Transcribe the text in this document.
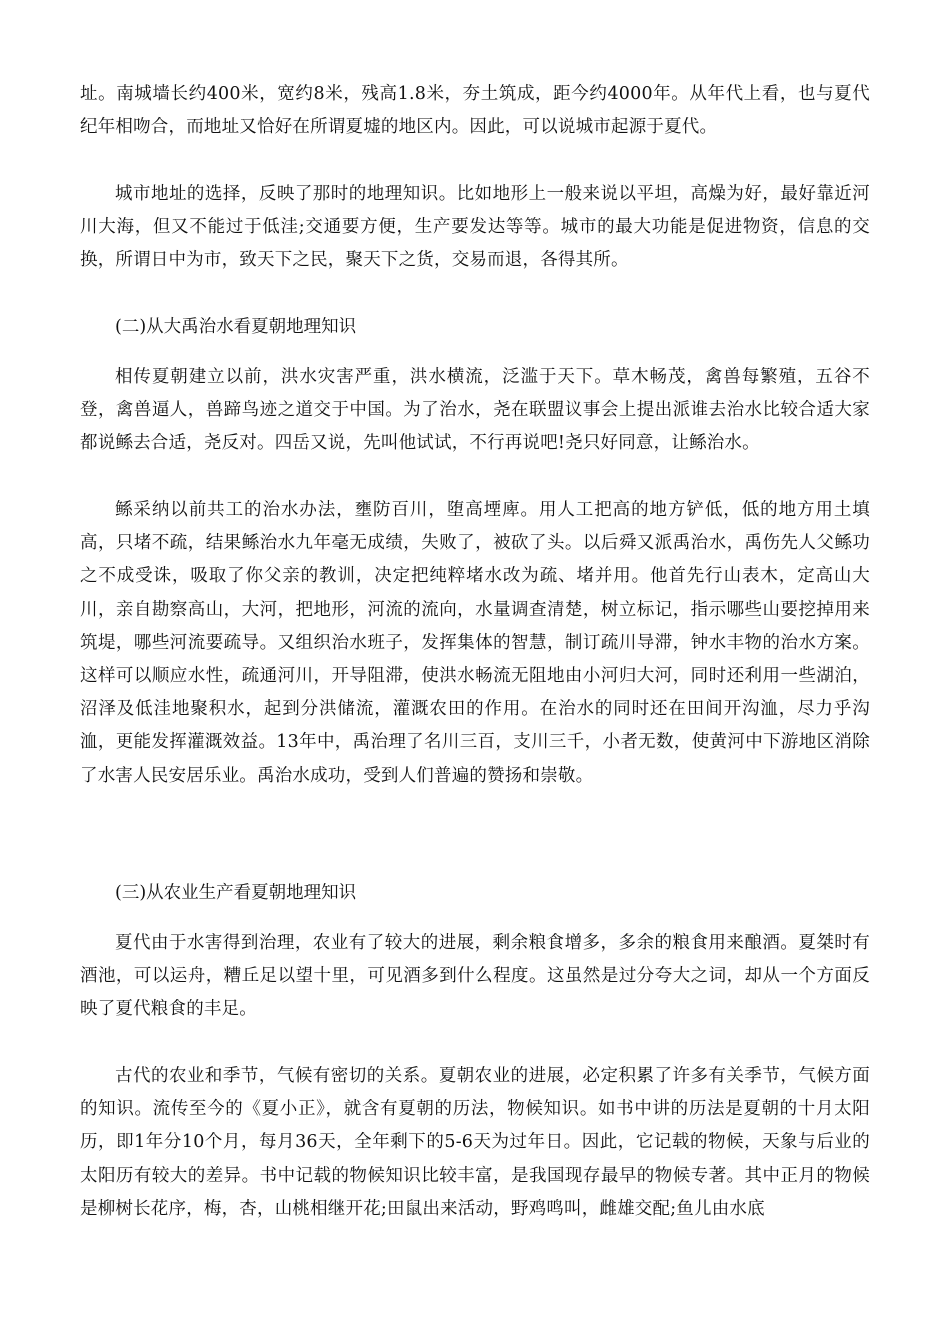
址。南城墙长约400米，宽约8米，残高1.8米，夯土筑成，距今约4000年。从年代上看，也与夏代纪年相吻合，而地址又恰好在所谓夏墟的地区内。因此，可以说城市起源于夏代。

城市地址的选择，反映了那时的地理知识。比如地形上一般来说以平坦，高燥为好，最好靠近河川大海，但又不能过于低洼;交通要方便，生产要发达等等。城市的最大功能是促进物资，信息的交换，所谓日中为市，致天下之民，聚天下之货，交易而退，各得其所。

(二)从大禹治水看夏朝地理知识

相传夏朝建立以前，洪水灾害严重，洪水横流，泛滥于天下。草木畅茂，禽兽每繁殖，五谷不登，禽兽逼人，兽蹄鸟迹之道交于中国。为了治水，尧在联盟议事会上提出派谁去治水比较合适大家都说鲧去合适，尧反对。四岳又说，先叫他试试，不行再说吧!尧只好同意，让鲧治水。

鲧采纳以前共工的治水办法，壅防百川，堕高堙庳。用人工把高的地方铲低，低的地方用土填高，只堵不疏，结果鲧治水九年毫无成绩，失败了，被砍了头。以后舜又派禹治水，禹伤先人父鲧功之不成受诛，吸取了你父亲的教训，决定把纯粹堵水改为疏、堵并用。他首先行山表木，定高山大川，亲自勘察高山，大河，把地形，河流的流向，水量调查清楚，树立标记，指示哪些山要挖掉用来筑堤，哪些河流要疏导。又组织治水班子，发挥集体的智慧，制订疏川导滞，钟水丰物的治水方案。这样可以顺应水性，疏通河川，开导阻滞，使洪水畅流无阻地由小河归大河，同时还利用一些湖泊，沼泽及低洼地聚积水，起到分洪储流，灌溉农田的作用。在治水的同时还在田间开沟洫，尽力乎沟洫，更能发挥灌溉效益。13年中，禹治理了名川三百，支川三千，小者无数，使黄河中下游地区消除了水害人民安居乐业。禹治水成功，受到人们普遍的赞扬和崇敬。

(三)从农业生产看夏朝地理知识

夏代由于水害得到治理，农业有了较大的进展，剩余粮食增多，多余的粮食用来酿酒。夏桀时有酒池，可以运舟，糟丘足以望十里，可见酒多到什么程度。这虽然是过分夸大之词，却从一个方面反映了夏代粮食的丰足。

古代的农业和季节，气候有密切的关系。夏朝农业的进展，必定积累了许多有关季节，气候方面的知识。流传至今的《夏小正》，就含有夏朝的历法，物候知识。如书中讲的历法是夏朝的十月太阳历，即1年分10个月，每月36天，全年剩下的5-6天为过年日。因此，它记载的物候，天象与后业的太阳历有较大的差异。书中记载的物候知识比较丰富，是我国现存最早的物候专著。其中正月的物候是柳树长花序，梅，杏，山桃相继开花;田鼠出来活动，野鸡鸣叫，雌雄交配;鱼儿由水底
